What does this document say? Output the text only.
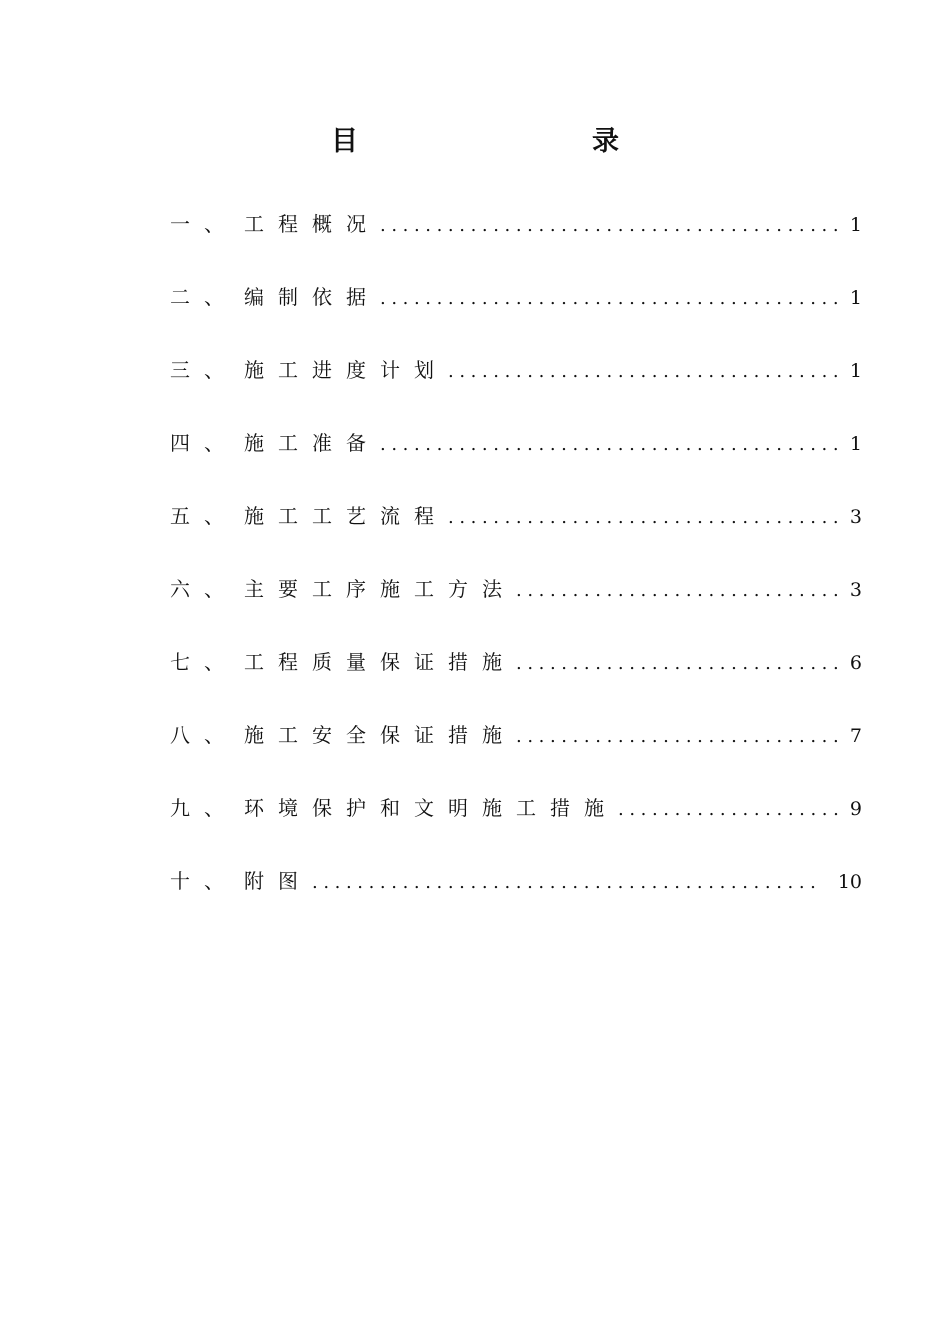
目　　录
一、 工程概况 .....	1
二、 编制依据 .....	1
三、 施工进度计划 .....	1
四、 施工准备 .....	1
五、 施工工艺流程 .....	3
六、 主要工序施工方法 .....	3
七、 工程质量保证措施 .....	6
八、 施工安全保证措施 .....	7
九、 环境保护和文明施工措施 .....	9
十、 附图 .....	10
